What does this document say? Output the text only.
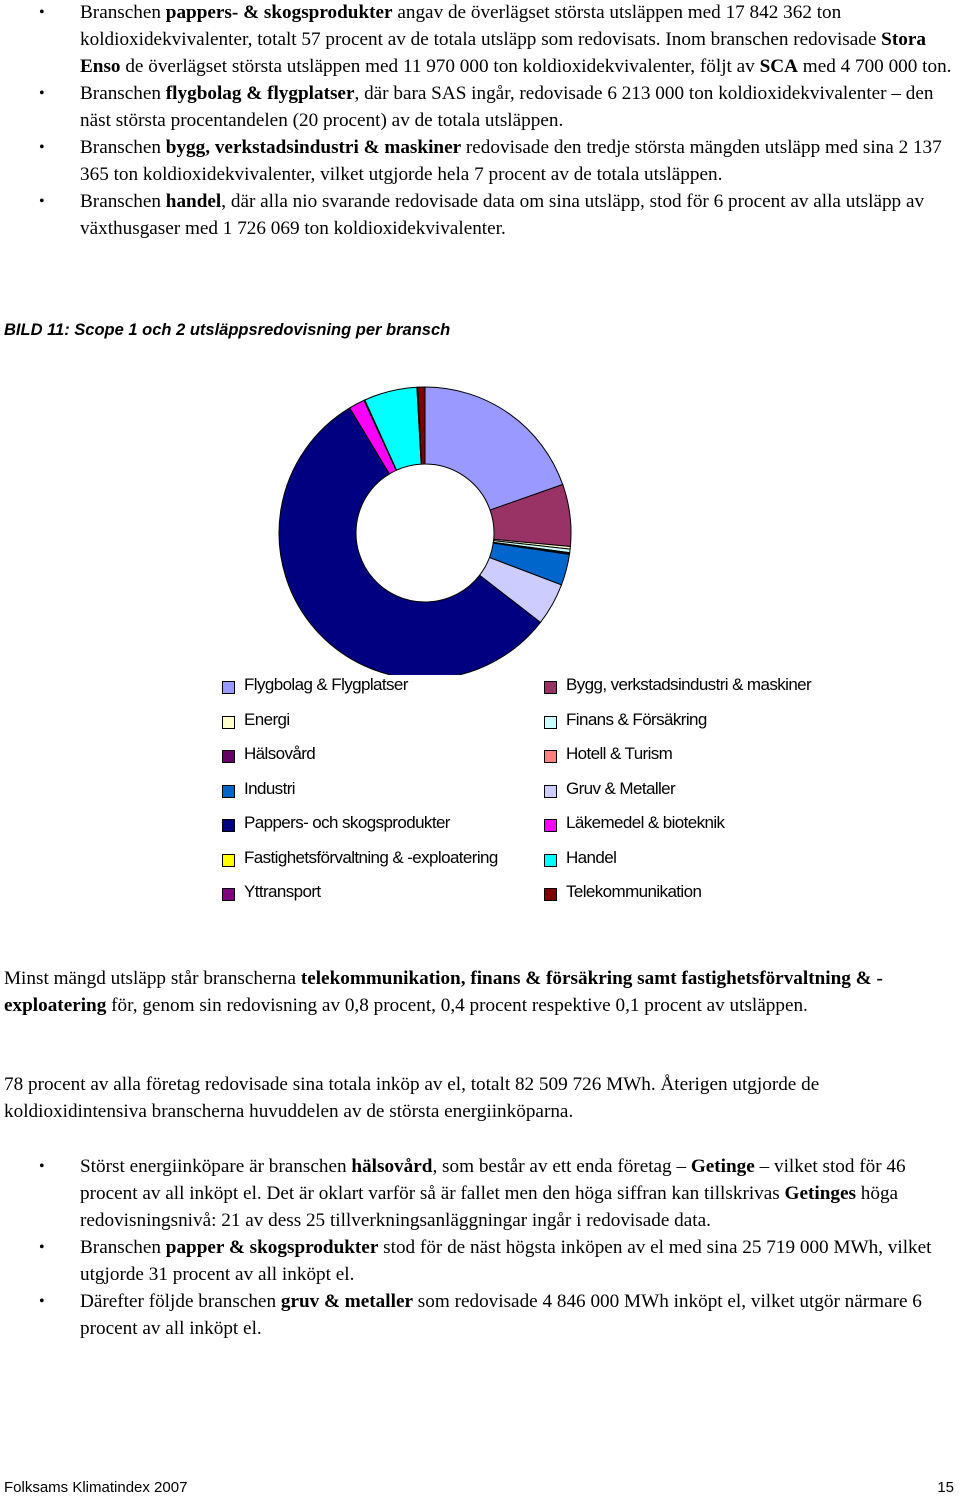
• Branschen pappers- & skogsprodukter angav de överlägset största utsläppen med 17 842 362 ton koldioxidekvivalenter, totalt 57 procent av de totala utsläpp som redovisats. Inom branschen redovisade Stora Enso de överlägset största utsläppen med 11 970 000 ton koldioxidekvivalenter, följt av SCA med 4 700 000 ton.
• Branschen flygbolag & flygplatser, där bara SAS ingår, redovisade 6 213 000 ton koldioxidekvivalenter – den näst största procentandelen (20 procent) av de totala utsläppen.
• Branschen bygg, verkstadsindustri & maskiner redovisade den tredje största mängden utsläpp med sina 2 137 365 ton koldioxidekvivalenter, vilket utgjorde hela 7 procent av de totala utsläppen.
• Branschen handel, där alla nio svarande redovisade data om sina utsläpp, stod för 6 procent av alla utsläpp av växthusgaser med 1 726 069 ton koldioxidekvivalenter.
BILD 11: Scope 1 och 2 utsläppsredovisning per bransch
Flygbolag & Flygplatser	Bygg, verkstadsindustri & maskiner
Energi	Finans & Försäkring
Hälsovård	Hotell & Turism
Industri	Gruv & Metaller
Pappers- och skogsprodukter	Läkemedel & bioteknik
Fastighetsförvaltning & -exploatering	Handel
Yttransport	Telekommunikation
Minst mängd utsläpp står branscherna telekommunikation, finans & försäkring samt fastighetsförvaltning & -exploatering för, genom sin redovisning av 0,8 procent, 0,4 procent respektive 0,1 procent av utsläppen.
78 procent av alla företag redovisade sina totala inköp av el, totalt 82 509 726 MWh. Återigen utgjorde de koldioxidintensiva branscherna huvuddelen av de största energiinköparna.
• Störst energiinköpare är branschen hälsovård, som består av ett enda företag – Getinge – vilket stod för 46 procent av all inköpt el. Det är oklart varför så är fallet men den höga siffran kan tillskrivas Getinges höga redovisningsnivå: 21 av dess 25 tillverkningsanläggningar ingår i redovisade data.
• Branschen papper & skogsprodukter stod för de näst högsta inköpen av el med sina 25 719 000 MWh, vilket utgjorde 31 procent av all inköpt el.
• Därefter följde branschen gruv & metaller som redovisade 4 846 000 MWh inköpt el, vilket utgör närmare 6 procent av all inköpt el.
Folksams Klimatindex 2007	15
